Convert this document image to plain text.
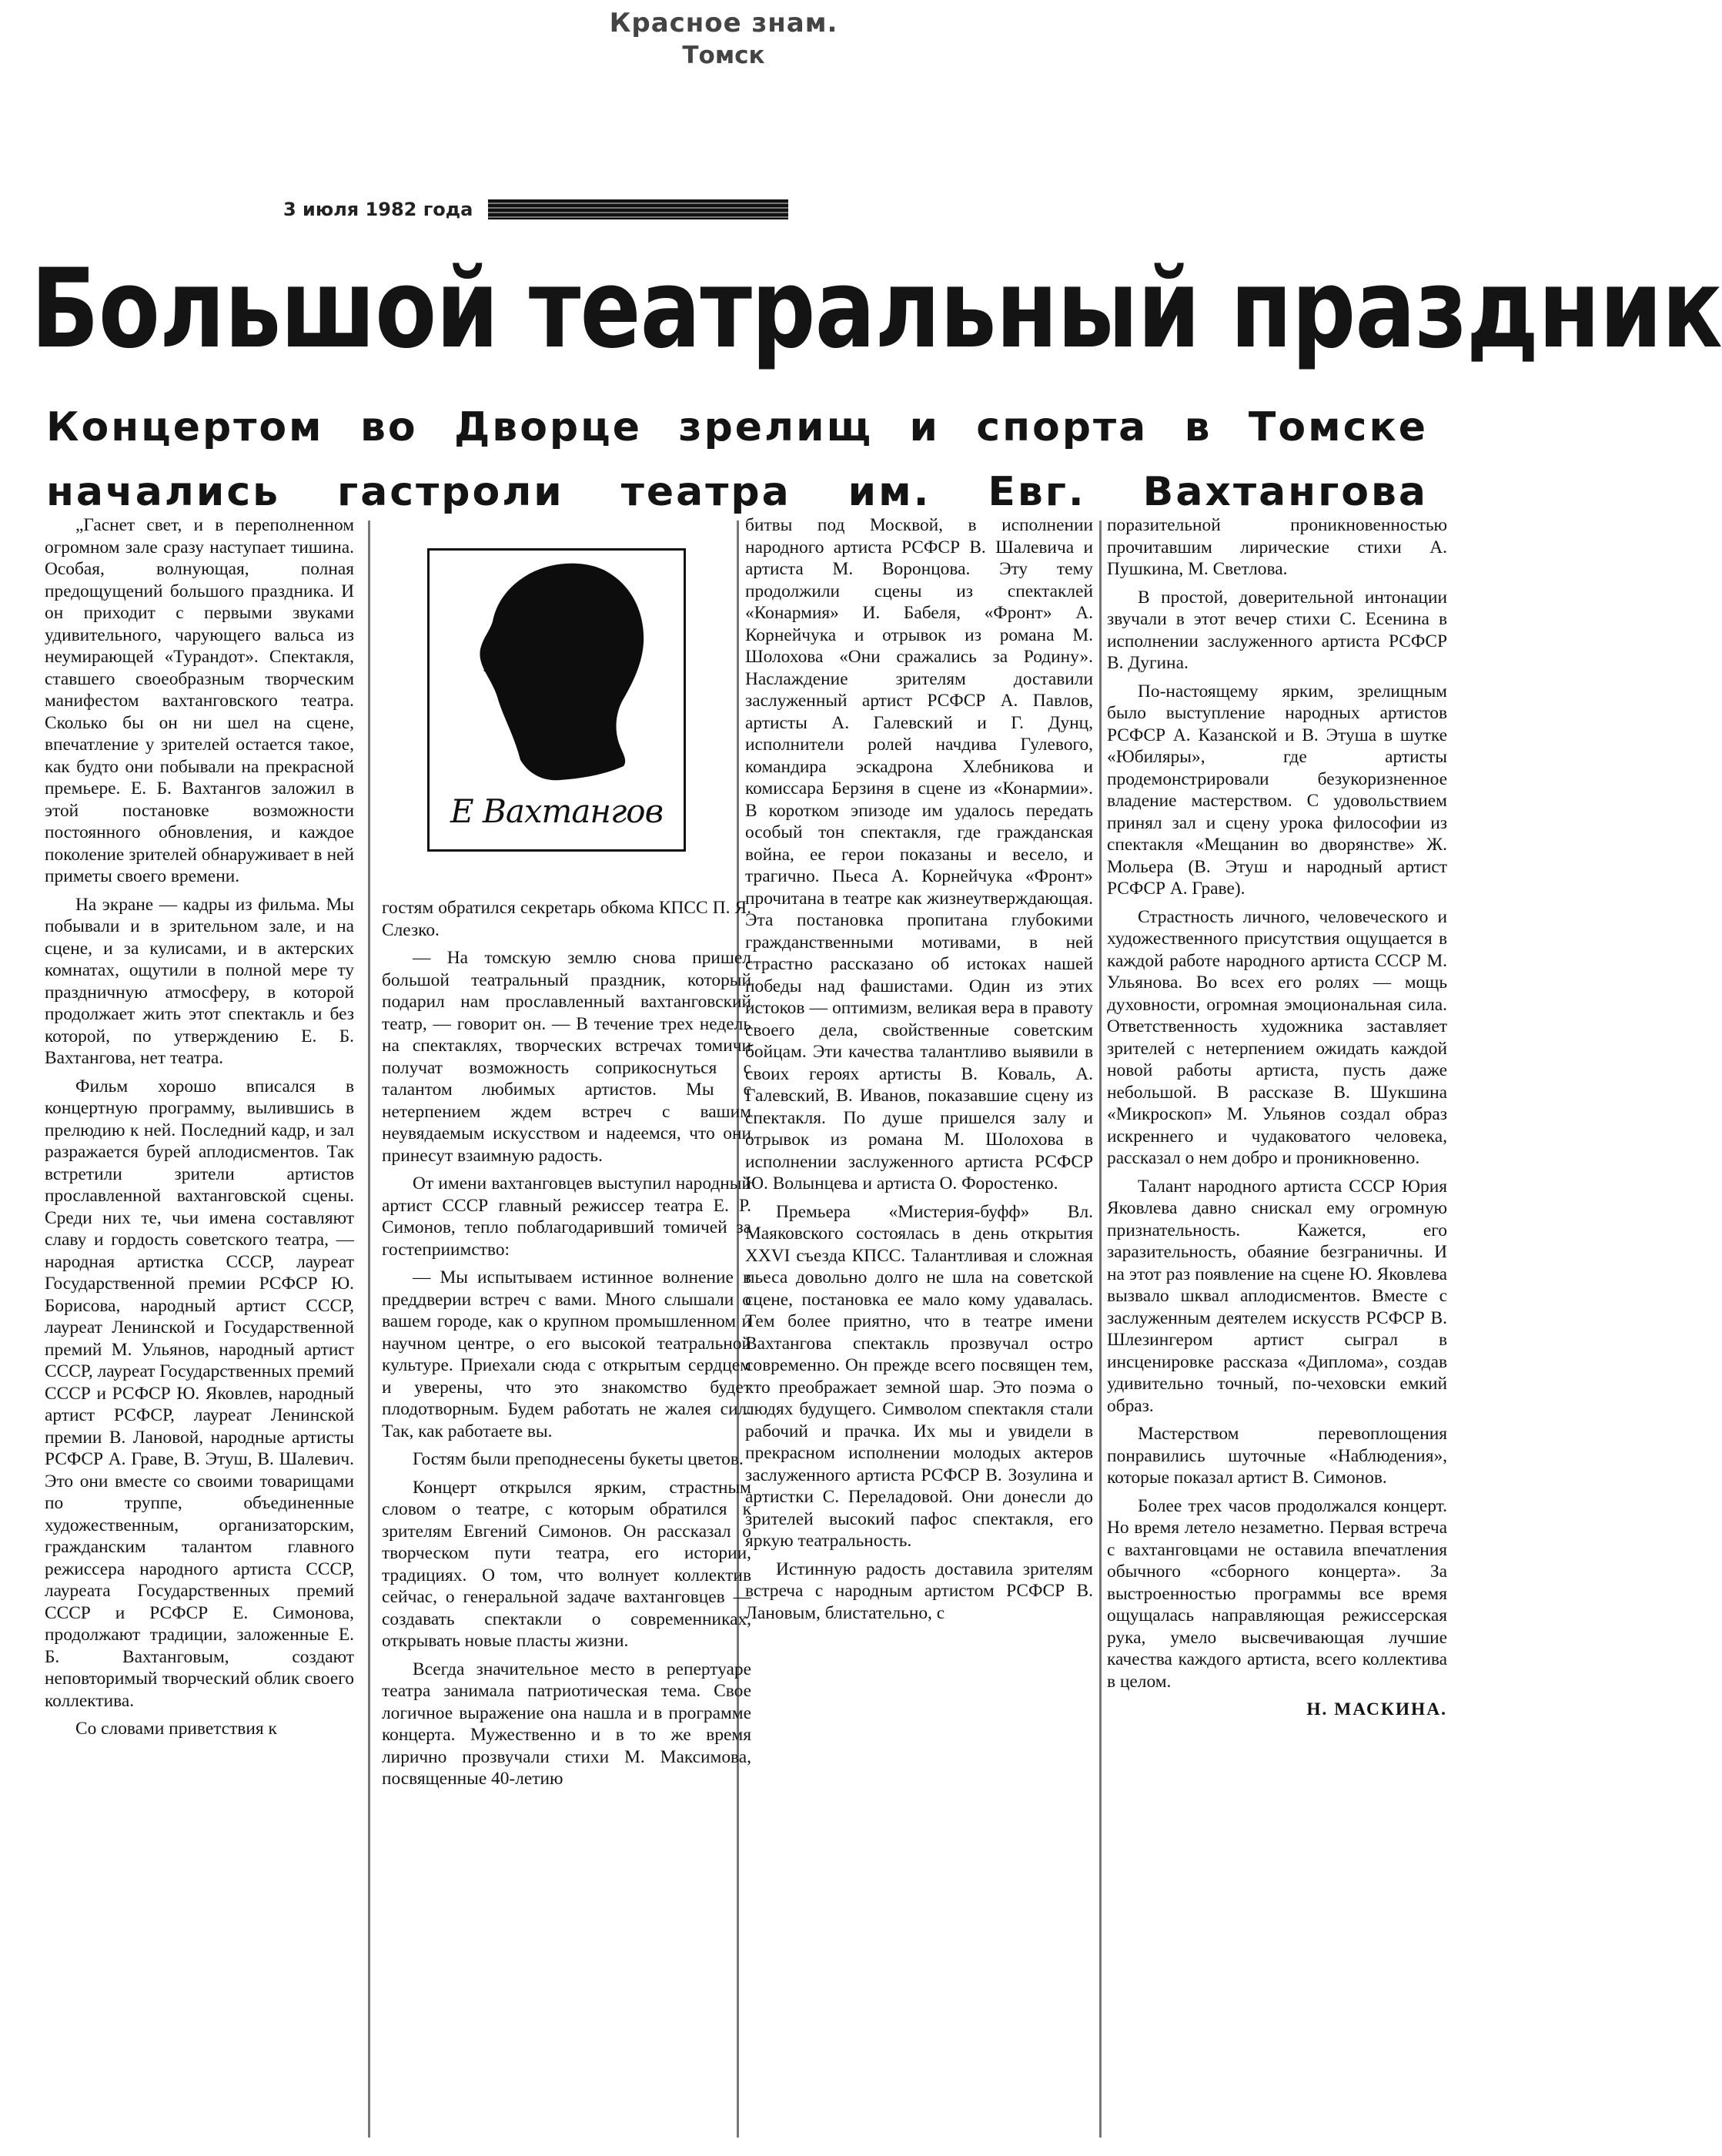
Красное знам.
Томск
3 июля 1982 года
Большой театральный праздник
Концертом во Дворце зрелищ и спорта в Томске
начались гастроли театра им. Евг. Вахтангова
Е Вахтангов

„Гаснет свет, и в переполненном огромном зале сразу наступает тишина. Особая, волнующая, полная предощущений большого праздника. И он приходит с первыми звуками удивительного, чарующего вальса из неумирающей «Турандот». Спектакля, ставшего своеобразным творческим манифестом вахтанговского театра. Сколько бы он ни шел на сцене, впечатление у зрителей остается такое, как будто они побывали на прекрасной премьере. Е. Б. Вахтангов заложил в этой постановке возможности постоянного обновления, и каждое поколение зрителей обнаруживает в ней приметы своего времени.

На экране — кадры из фильма. Мы побывали и в зрительном зале, и на сцене, и за кулисами, и в актерских комнатах, ощутили в полной мере ту праздничную атмосферу, в которой продолжает жить этот спектакль и без которой, по утверждению Е. Б. Вахтангова, нет театра.

Фильм хорошо вписался в концертную программу, вылившись в прелюдию к ней. Последний кадр, и зал разражается бурей аплодисментов. Так встретили зрители артистов прославленной вахтанговской сцены. Среди них те, чьи имена составляют славу и гордость советского театра, — народная артистка СССР, лауреат Государственной премии РСФСР Ю. Борисова, народный артист СССР, лауреат Ленинской и Государственной премий М. Ульянов, народный артист СССР, лауреат Государственных премий СССР и РСФСР Ю. Яковлев, народный артист РСФСР, лауреат Ленинской премии В. Лановой, народные артисты РСФСР А. Граве, В. Этуш, В. Шалевич. Это они вместе со своими товарищами по труппе, объединенные художественным, организаторским, гражданским талантом главного режиссера народного артиста СССР, лауреата Государственных премий СССР и РСФСР Е. Симонова, продолжают традиции, заложенные Е. Б. Вахтанговым, создают неповторимый творческий облик своего коллектива.

Со словами приветствия к

гостям обратился секретарь обкома КПСС П. Я. Слезко.

— На томскую землю снова пришел большой театральный праздник, который подарил нам прославленный вахтанговский театр, — говорит он. — В течение трех недель на спектаклях, творческих встречах томичи получат возможность соприкоснуться с талантом любимых артистов. Мы с нетерпением ждем встреч с вашим неувядаемым искусством и надеемся, что они принесут взаимную радость.

От имени вахтанговцев выступил народный артист СССР главный режиссер театра Е. Р. Симонов, тепло поблагодаривший томичей за гостеприимство:

— Мы испытываем истинное волнение в преддверии встреч с вами. Много слышали о вашем городе, как о крупном промышленном и научном центре, о его высокой театральной культуре. Приехали сюда с открытым сердцем и уверены, что это знакомство будет плодотворным. Будем работать не жалея сил. Так, как работаете вы.

Гостям были преподнесены букеты цветов.

Концерт открылся ярким, страстным словом о театре, с которым обратился к зрителям Евгений Симонов. Он рассказал о творческом пути театра, его истории, традициях. О том, что волнует коллектив сейчас, о генеральной задаче вахтанговцев — создавать спектакли о современниках, открывать новые пласты жизни.

Всегда значительное место в репертуаре театра занимала патриотическая тема. Свое логичное выражение она нашла и в программе концерта. Мужественно и в то же время лирично прозвучали стихи М. Максимова, посвященные 40-летию

битвы под Москвой, в исполнении народного артиста РСФСР В. Шалевича и артиста М. Воронцова. Эту тему продолжили сцены из спектаклей «Конармия» И. Бабеля, «Фронт» А. Корнейчука и отрывок из романа М. Шолохова «Они сражались за Родину». Наслаждение зрителям доставили заслуженный артист РСФСР А. Павлов, артисты А. Галевский и Г. Дунц, исполнители ролей начдива Гулевого, командира эскадрона Хлебникова и комиссара Берзиня в сцене из «Конармии». В коротком эпизоде им удалось передать особый тон спектакля, где гражданская война, ее герои показаны и весело, и трагично. Пьеса А. Корнейчука «Фронт» прочитана в театре как жизнеутверждающая. Эта постановка пропитана глубокими гражданственными мотивами, в ней страстно рассказано об истоках нашей победы над фашистами. Один из этих истоков — оптимизм, великая вера в правоту своего дела, свойственные советским бойцам. Эти качества талантливо выявили в своих героях артисты В. Коваль, А. Галевский, В. Иванов, показавшие сцену из спектакля. По душе пришелся залу и отрывок из романа М. Шолохова в исполнении заслуженного артиста РСФСР Ю. Волынцева и артиста О. Форостенко.

Премьера «Мистерия-буфф» Вл. Маяковского состоялась в день открытия XXVI съезда КПСС. Талантливая и сложная пьеса довольно долго не шла на советской сцене, постановка ее мало кому удавалась. Тем более приятно, что в театре имени Вахтангова спектакль прозвучал остро современно. Он прежде всего посвящен тем, кто преображает земной шар. Это поэма о людях будущего. Символом спектакля стали рабочий и прачка. Их мы и увидели в прекрасном исполнении молодых актеров заслуженного артиста РСФСР В. Зозулина и артистки С. Переладовой. Они донесли до зрителей высокий пафос спектакля, его яркую театральность.

Истинную радость доставила зрителям встреча с народным артистом РСФСР В. Лановым, блистательно, с

поразительной проникновенностью прочитавшим лирические стихи А. Пушкина, М. Светлова.

В простой, доверительной интонации звучали в этот вечер стихи С. Есенина в исполнении заслуженного артиста РСФСР В. Дугина.

По-настоящему ярким, зрелищным было выступление народных артистов РСФСР А. Казанской и В. Этуша в шутке «Юбиляры», где артисты продемонстрировали безукоризненное владение мастерством. С удовольствием принял зал и сцену урока философии из спектакля «Мещанин во дворянстве» Ж. Мольера (В. Этуш и народный артист РСФСР А. Граве).

Страстность личного, человеческого и художественного присутствия ощущается в каждой работе народного артиста СССР М. Ульянова. Во всех его ролях — мощь духовности, огромная эмоциональная сила. Ответственность художника заставляет зрителей с нетерпением ожидать каждой новой работы артиста, пусть даже небольшой. В рассказе В. Шукшина «Микроскоп» М. Ульянов создал образ искреннего и чудаковатого человека, рассказал о нем добро и проникновенно.

Талант народного артиста СССР Юрия Яковлева давно снискал ему огромную признательность. Кажется, его заразительность, обаяние безграничны. И на этот раз появление на сцене Ю. Яковлева вызвало шквал аплодисментов. Вместе с заслуженным деятелем искусств РСФСР В. Шлезингером артист сыграл в инсценировке рассказа «Диплома», создав удивительно точный, по-чеховски емкий образ.

Мастерством перевоплощения понравились шуточные «Наблюдения», которые показал артист В. Симонов.

Более трех часов продолжался концерт. Но время летело незаметно. Первая встреча с вахтанговцами не оставила впечатления обычного «сборного концерта». За выстроенностью программы все время ощущалась направляющая режиссерская рука, умело высвечивающая лучшие качества каждого артиста, всего коллектива в целом.

Н. МАСКИНА.
